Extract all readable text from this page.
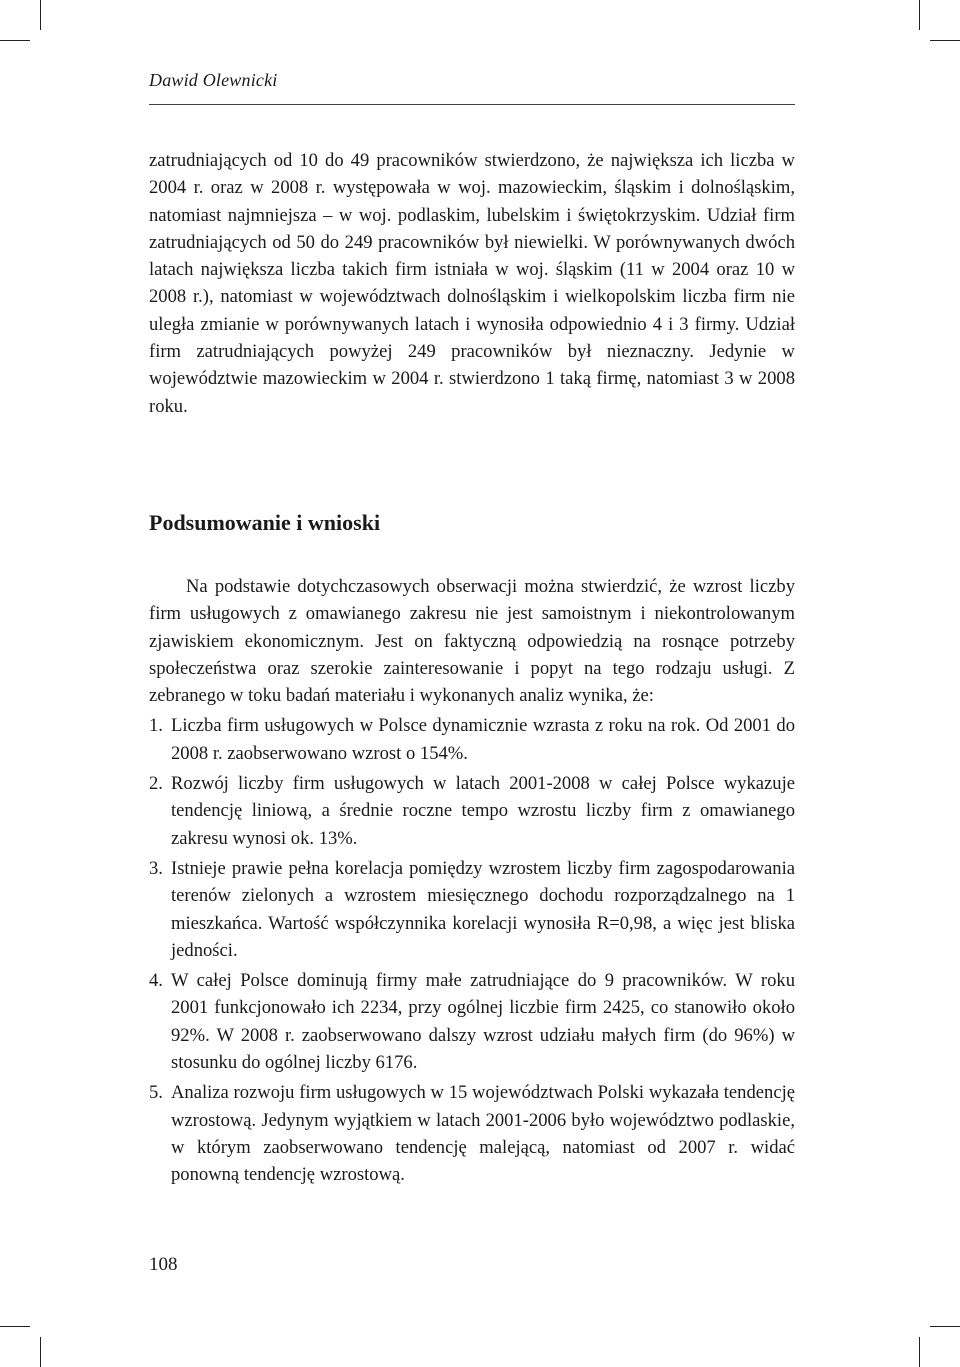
Dawid Olewnicki
zatrudniających od 10 do 49 pracowników stwierdzono, że największa ich liczba w 2004 r. oraz w 2008 r. występowała w woj. mazowieckim, śląskim i dolnośląskim, natomiast najmniejsza – w woj. podlaskim, lubelskim i świętokrzyskim. Udział firm zatrudniających od 50 do 249 pracowników był niewielki. W porównywanych dwóch latach największa liczba takich firm istniała w woj. śląskim (11 w 2004 oraz 10 w 2008 r.), natomiast w województwach dolnośląskim i wielkopolskim liczba firm nie uległa zmianie w porównywanych latach i wynosiła odpowiednio 4 i 3 firmy. Udział firm zatrudniających powyżej 249 pracowników był nieznaczny. Jedynie w województwie mazowieckim w 2004 r. stwierdzono 1 taką firmę, natomiast 3 w 2008 roku.
Podsumowanie i wnioski

Na podstawie dotychczasowych obserwacji można stwierdzić, że wzrost liczby firm usługowych z omawianego zakresu nie jest samoistnym i niekontrolowanym zjawiskiem ekonomicznym. Jest on faktyczną odpowiedzią na rosnące potrzeby społeczeństwa oraz szerokie zainteresowanie i popyt na tego rodzaju usługi. Z zebranego w toku badań materiału i wykonanych analiz wynika, że:

1. Liczba firm usługowych w Polsce dynamicznie wzrasta z roku na rok. Od 2001 do 2008 r. zaobserwowano wzrost o 154%.
2. Rozwój liczby firm usługowych w latach 2001-2008 w całej Polsce wykazuje tendencję liniową, a średnie roczne tempo wzrostu liczby firm z omawianego zakresu wynosi ok. 13%.
3. Istnieje prawie pełna korelacja pomiędzy wzrostem liczby firm zagospodarowania terenów zielonych a wzrostem miesięcznego dochodu rozporządzalnego na 1 mieszkańca. Wartość współczynnika korelacji wynosiła R=0,98, a więc jest bliska jedności.
4. W całej Polsce dominują firmy małe zatrudniające do 9 pracowników. W roku 2001 funkcjonowało ich 2234, przy ogólnej liczbie firm 2425, co stanowiło około 92%. W 2008 r. zaobserwowano dalszy wzrost udziału małych firm (do 96%) w stosunku do ogólnej liczby 6176.
5. Analiza rozwoju firm usługowych w 15 województwach Polski wykazała tendencję wzrostową. Jedynym wyjątkiem w latach 2001-2006 było województwo podlaskie, w którym zaobserwowano tendencję malejącą, natomiast od 2007 r. widać ponowną tendencję wzrostową.
108
